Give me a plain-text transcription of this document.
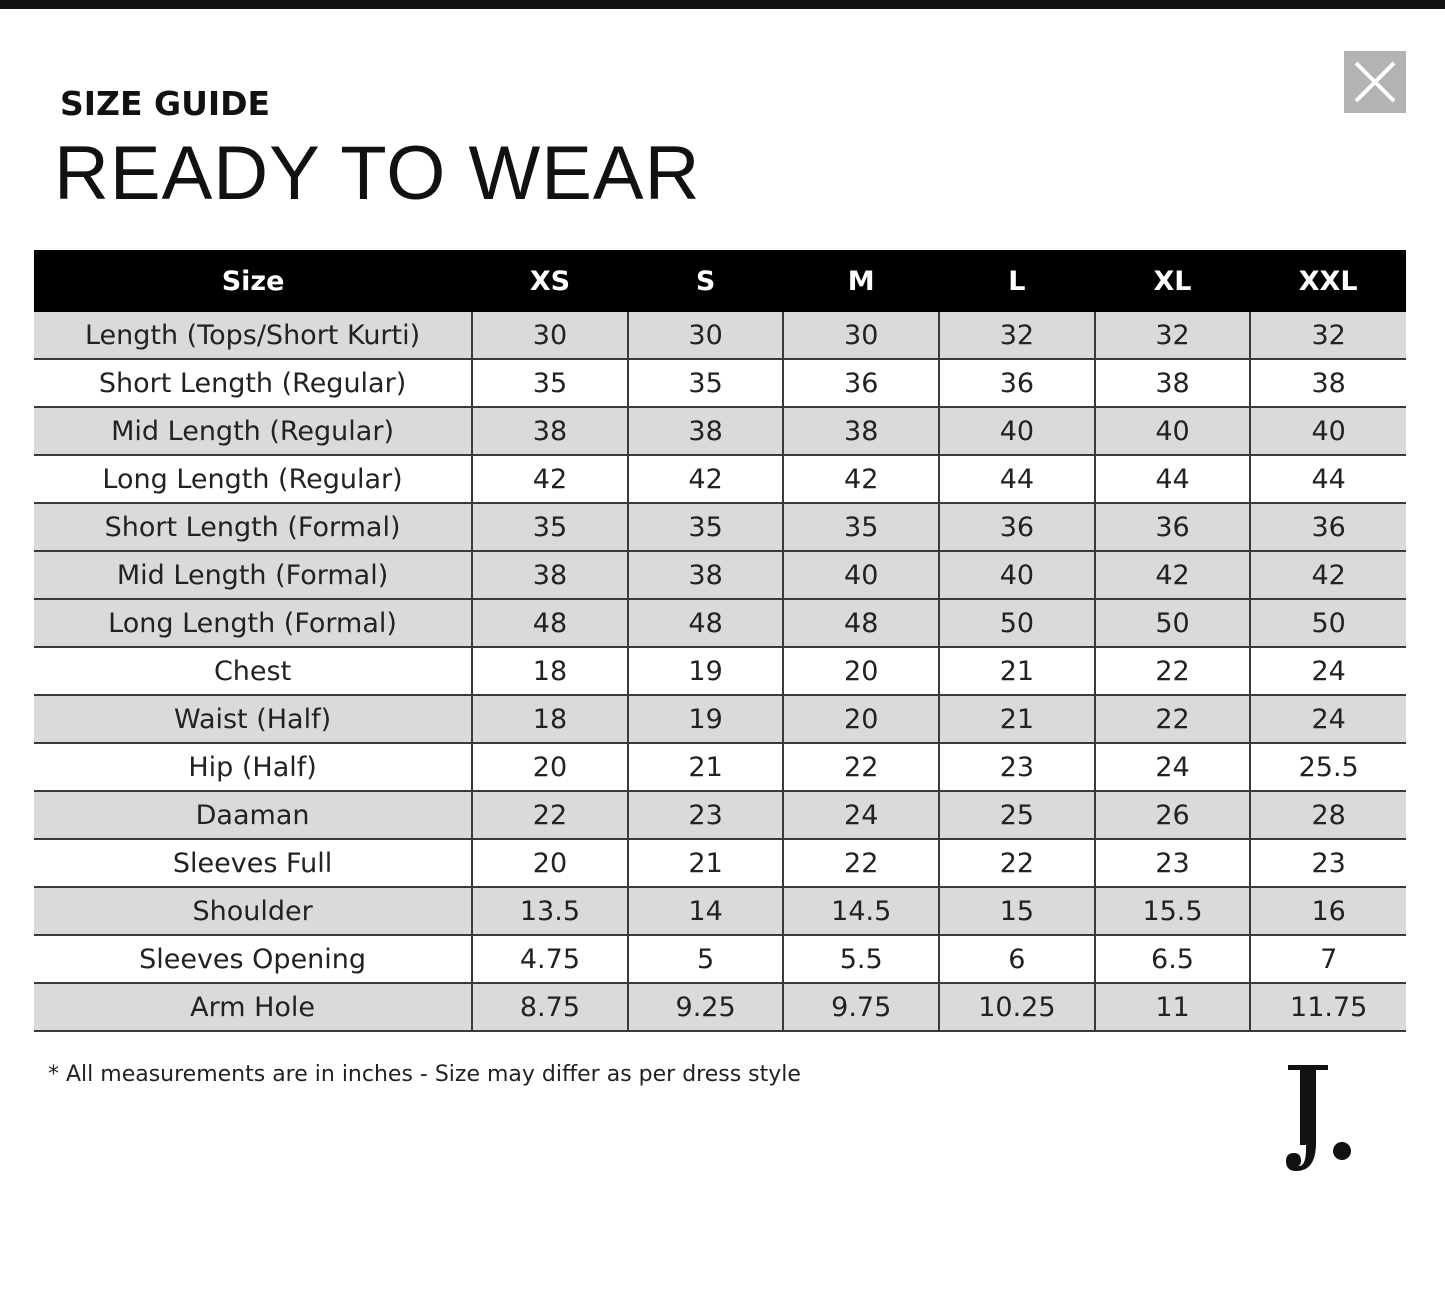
SIZE GUIDE
READY TO WEAR
Size	XS	S	M	L	XL	XXL
Length (Tops/Short Kurti)	30	30	30	32	32	32
Short Length (Regular)	35	35	36	36	38	38
Mid Length (Regular)	38	38	38	40	40	40
Long Length (Regular)	42	42	42	44	44	44
Short Length (Formal)	35	35	35	36	36	36
Mid Length (Formal)	38	38	40	40	42	42
Long Length (Formal)	48	48	48	50	50	50
Chest	18	19	20	21	22	24
Waist (Half)	18	19	20	21	22	24
Hip (Half)	20	21	22	23	24	25.5
Daaman	22	23	24	25	26	28
Sleeves Full	20	21	22	22	23	23
Shoulder	13.5	14	14.5	15	15.5	16
Sleeves Opening	4.75	5	5.5	6	6.5	7
Arm Hole	8.75	9.25	9.75	10.25	11	11.75

* All measurements are in inches - Size may differ as per dress style
